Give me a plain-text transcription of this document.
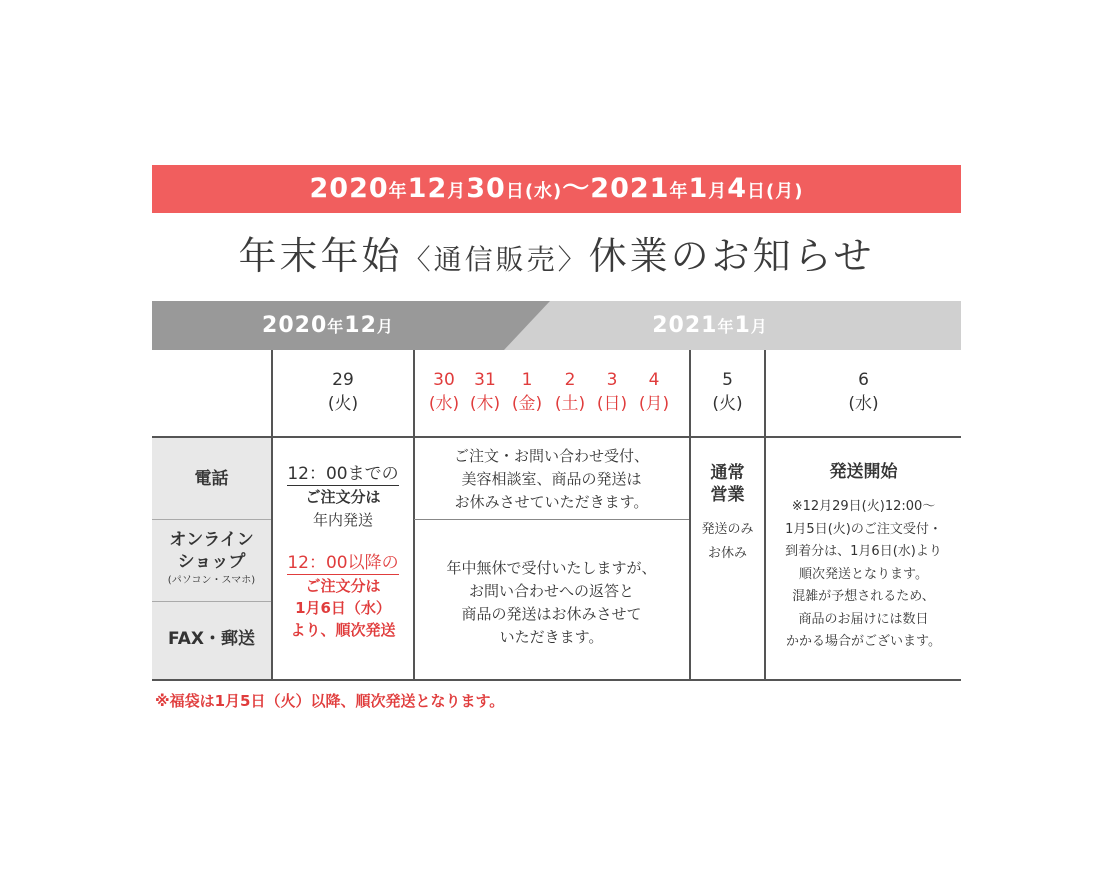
2020年12月30日(水)〜2021年1月4日(月)
年末年始〈通信販売〉休業のお知らせ
2020年12月	2021年1月
29
(火)
30
(水)
31
(木)
1
(金)
2
(土)
3
(日)
4
(月)
5
(火)
6
(水)
電話
オンライン
ショップ
(パソコン・スマホ)
FAX・郵送
12：00までの
ご注文分は
年内発送
12：00以降の
ご注文分は
1月6日（水）
より、順次発送
ご注文・お問い合わせ受付、
美容相談室、商品の発送は
お休みさせていただきます。
年中無休で受付いたしますが、
お問い合わせへの返答と
商品の発送はお休みさせて
いただきます。
通常
営業
発送のみ
お休み
発送開始
※12月29日(火)12:00〜
1月5日(火)のご注文受付・
到着分は、1月6日(水)より
順次発送となります。
混雑が予想されるため、
商品のお届けには数日
かかる場合がございます。
※福袋は1月5日（火）以降、順次発送となります。
